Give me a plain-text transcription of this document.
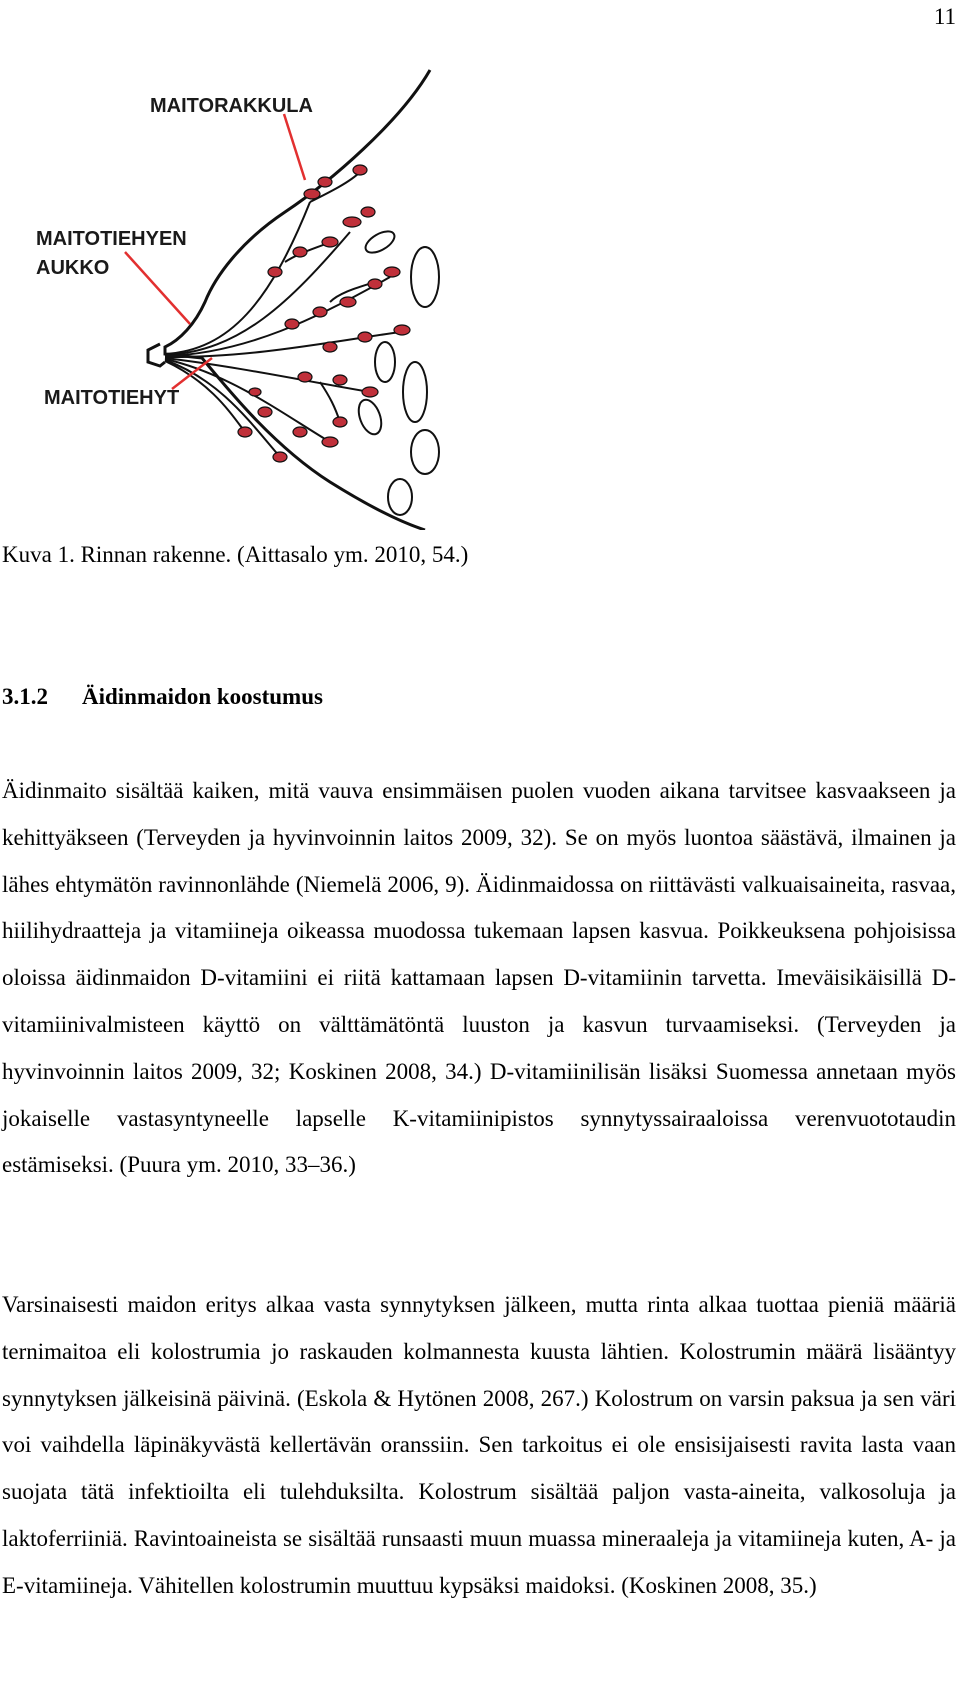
11
MAITORAKKULA
MAITOTIEHYEN
AUKKO
MAITOTIEHYT
Kuva 1. Rinnan rakenne. (Aittasalo ym. 2010, 54.)
3.1.2 Äidinmaidon koostumus

Äidinmaito sisältää kaiken, mitä vauva ensimmäisen puolen vuoden aikana tarvitsee kasvaakseen ja kehittyäkseen (Terveyden ja hyvinvoinnin laitos 2009, 32). Se on myös luontoa säästävä, ilmainen ja lähes ehtymätön ravinnonlähde (Niemelä 2006, 9). Äidinmaidossa on riittävästi valkuaisaineita, rasvaa, hiilihydraatteja ja vitamiineja oikeassa muodossa tukemaan lapsen kasvua. Poikkeuksena pohjoisissa oloissa äidinmaidon D-vitamiini ei riitä kattamaan lapsen D-vitamiinin tarvetta. Imeväisikäisillä D-vitamiinivalmisteen käyttö on välttämätöntä luuston ja kasvun turvaamiseksi. (Terveyden ja hyvinvoinnin laitos 2009, 32; Koskinen 2008, 34.) D-vitamiinilisän lisäksi Suomessa annetaan myös jokaiselle vastasyntyneelle lapselle K-vitamiinipistos synnytyssairaaloissa verenvuototaudin estämiseksi. (Puura ym. 2010, 33–36.)

Varsinaisesti maidon eritys alkaa vasta synnytyksen jälkeen, mutta rinta alkaa tuottaa pieniä määriä ternimaitoa eli kolostrumia jo raskauden kolmannesta kuusta lähtien. Kolostrumin määrä lisääntyy synnytyksen jälkeisinä päivinä. (Eskola & Hytönen 2008, 267.) Kolostrum on varsin paksua ja sen väri voi vaihdella läpinäkyvästä kellertävän oranssiin. Sen tarkoitus ei ole ensisijaisesti ravita lasta vaan suojata tätä infektioilta eli tulehduksilta. Kolostrum sisältää paljon vasta-aineita, valkosoluja ja laktoferriiniä. Ravintoaineista se sisältää runsaasti muun muassa mineraaleja ja vitamiineja kuten, A- ja E-vitamiineja. Vähitellen kolostrumin muuttuu kypsäksi maidoksi. (Koskinen 2008, 35.)
